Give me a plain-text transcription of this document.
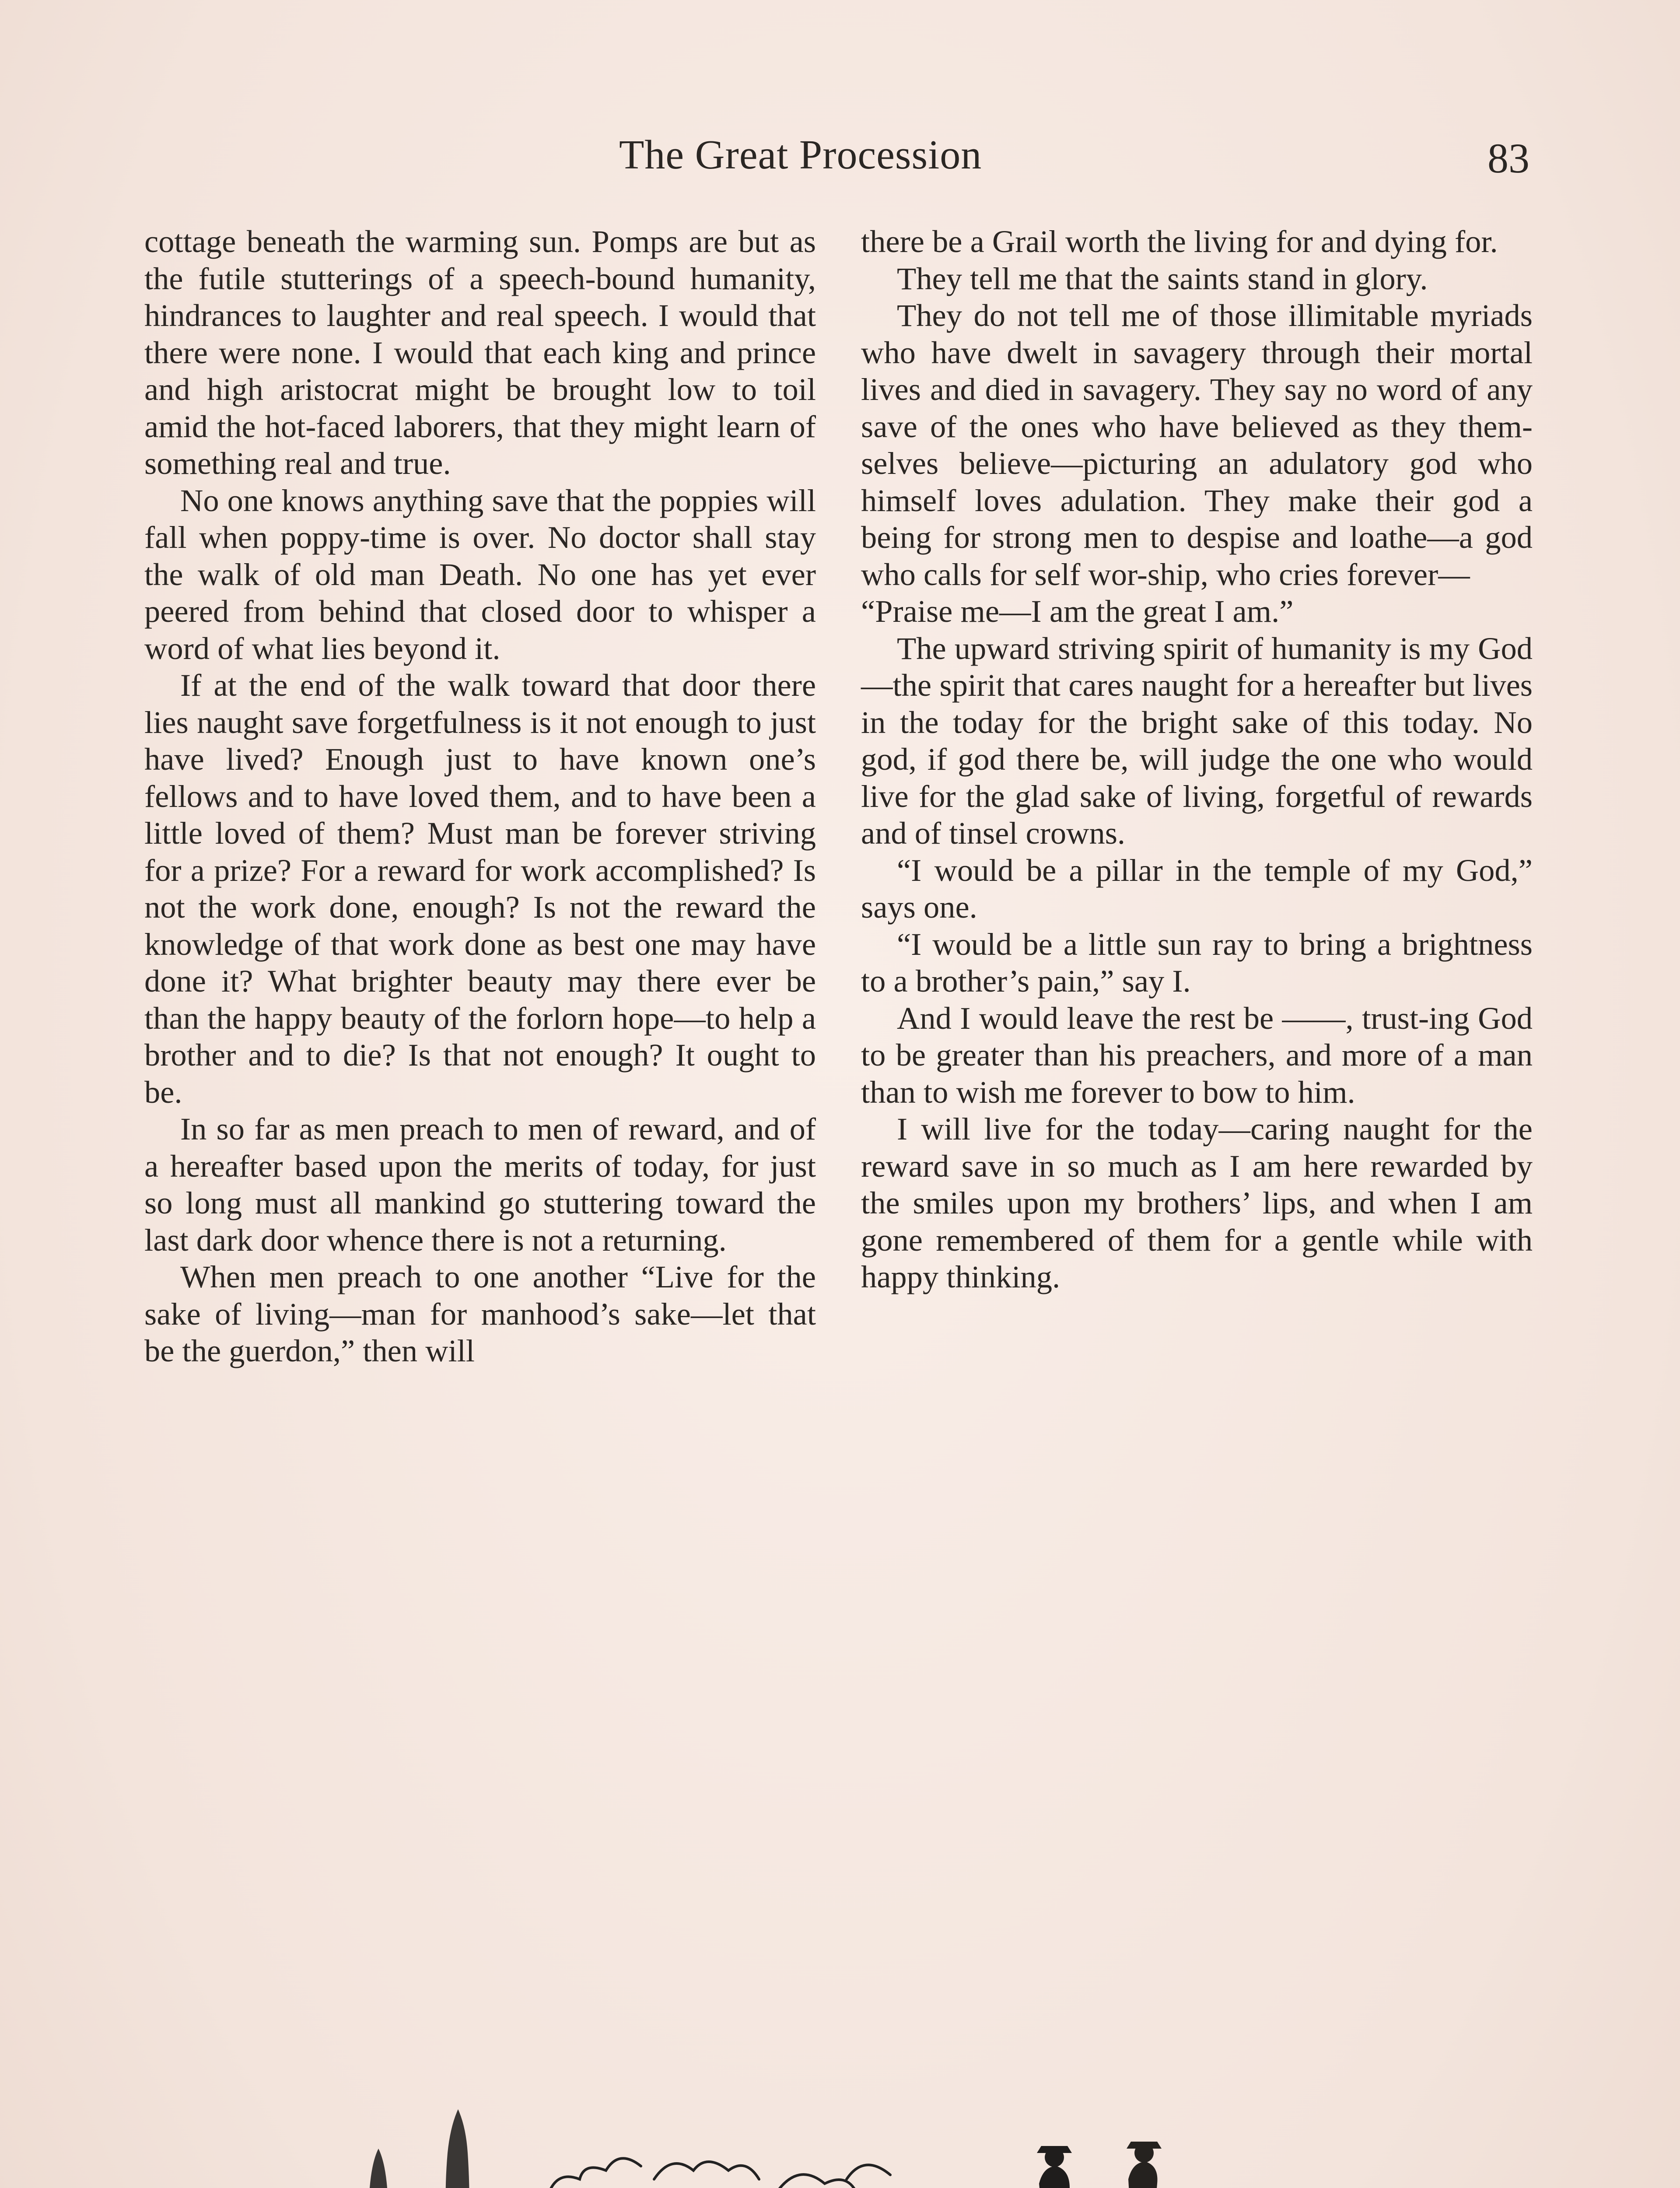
The Great Procession	83

cottage beneath the warming sun. Pomps are but as the futile stutterings of a speech-bound humanity, hindrances to laughter and real speech. I would that there were none. I would that each king and prince and high aristocrat might be brought low to toil amid the hot-faced laborers, that they might learn of something real and true.

No one knows anything save that the poppies will fall when poppy-time is over. No doctor shall stay the walk of old man Death. No one has yet ever peered from behind that closed door to whisper a word of what lies beyond it.

If at the end of the walk toward that door there lies naught save forgetfulness is it not enough to just have lived? Enough just to have known one’s fellows and to have loved them, and to have been a little loved of them? Must man be forever striving for a prize? For a reward for work accomplished? Is not the work done, enough? Is not the reward the knowledge of that work done as best one may have done it? What brighter beauty may there ever be than the happy beauty of the forlorn hope—to help a brother and to die? Is that not enough? It ought to be.

In so far as men preach to men of reward, and of a hereafter based upon the merits of today, for just so long must all mankind go stuttering toward the last dark door whence there is not a returning.

When men preach to one another “Live for the sake of living—man for manhood’s sake—let that be the guerdon,” then will

there be a Grail worth the living for and dying for.

They tell me that the saints stand in glory.

They do not tell me of those illimitable myriads who have dwelt in savagery through their mortal lives and died in savagery. They say no word of any save of the ones who have believed as they them-selves believe—picturing an adulatory god who himself loves adulation. They make their god a being for strong men to despise and loathe—a god who calls for self wor-ship, who cries forever—

“Praise me—I am the great I am.”

The upward striving spirit of humanity is my God—the spirit that cares naught for a hereafter but lives in the today for the bright sake of this today. No god, if god there be, will judge the one who would live for the glad sake of living, forgetful of rewards and of tinsel crowns.

“I would be a pillar in the temple of my God,” says one.

“I would be a little sun ray to bring a brightness to a brother’s pain,” say I.

And I would leave the rest be ——, trust-ing God to be greater than his preachers, and more of a man than to wish me forever to bow to him.

I will live for the today—caring naught for the reward save in so much as I am here rewarded by the smiles upon my brothers’ lips, and when I am gone remembered of them for a gentle while with happy thinking.
